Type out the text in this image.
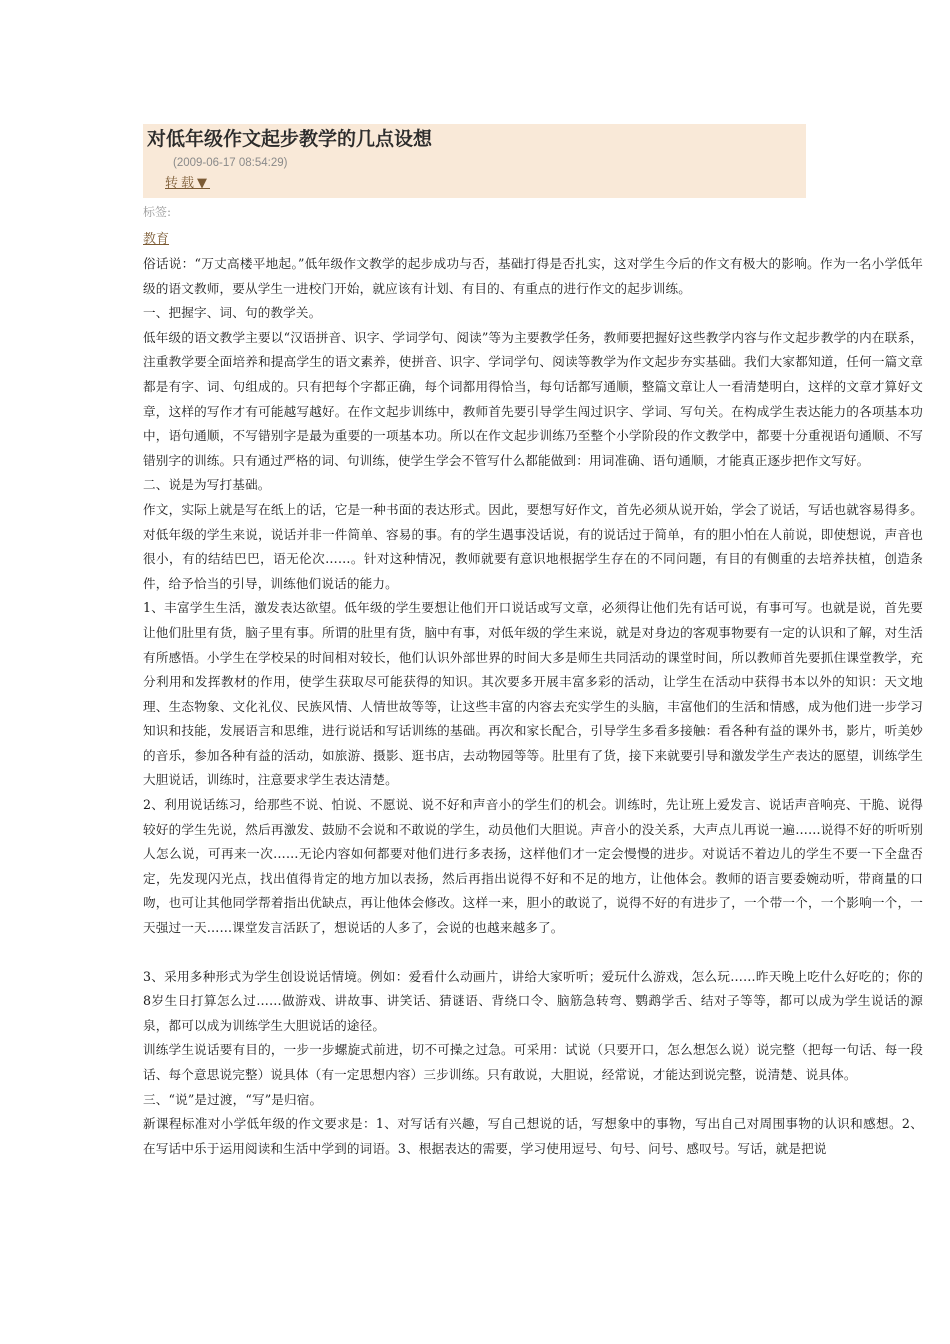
对低年级作文起步教学的几点设想
(2009-06-17 08:54:29)
转载▼
标签:
教育

俗话说：“万丈高楼平地起。”低年级作文教学的起步成功与否，基础打得是否扎实，这对学生今后的作文有极大的影响。作为一名小学低年级的语文教师，要从学生一进校门开始，就应该有计划、有目的、有重点的进行作文的起步训练。

一、把握字、词、句的教学关。

低年级的语文教学主要以“汉语拼音、识字、学词学句、阅读”等为主要教学任务，教师要把握好这些教学内容与作文起步教学的内在联系，注重教学要全面培养和提高学生的语文素养，使拼音、识字、学词学句、阅读等教学为作文起步夯实基础。我们大家都知道，任何一篇文章都是有字、词、句组成的。只有把每个字都正确，每个词都用得恰当，每句话都写通顺，整篇文章让人一看清楚明白，这样的文章才算好文章，这样的写作才有可能越写越好。在作文起步训练中，教师首先要引导学生闯过识字、学词、写句关。在构成学生表达能力的各项基本功中，语句通顺，不写错别字是最为重要的一项基本功。所以在作文起步训练乃至整个小学阶段的作文教学中，都要十分重视语句通顺、不写错别字的训练。只有通过严格的词、句训练，使学生学会不管写什么都能做到：用词准确、语句通顺，才能真正逐步把作文写好。

二、说是为写打基础。

作文，实际上就是写在纸上的话，它是一种书面的表达形式。因此，要想写好作文，首先必须从说开始，学会了说话，写话也就容易得多。对低年级的学生来说，说话并非一件简单、容易的事。有的学生遇事没话说，有的说话过于简单，有的胆小怕在人前说，即使想说，声音也很小，有的结结巴巴，语无伦次……。针对这种情况，教师就要有意识地根据学生存在的不同问题，有目的有侧重的去培养扶植，创造条件，给予恰当的引导，训练他们说话的能力。

1、丰富学生生活，激发表达欲望。低年级的学生要想让他们开口说话或写文章，必须得让他们先有话可说，有事可写。也就是说，首先要让他们肚里有货，脑子里有事。所谓的肚里有货，脑中有事，对低年级的学生来说，就是对身边的客观事物要有一定的认识和了解，对生活有所感悟。小学生在学校呆的时间相对较长，他们认识外部世界的时间大多是师生共同活动的课堂时间，所以教师首先要抓住课堂教学，充分利用和发挥教材的作用，使学生获取尽可能获得的知识。其次要多开展丰富多彩的活动，让学生在活动中获得书本以外的知识：天文地理、生态物象、文化礼仪、民族风情、人情世故等等，让这些丰富的内容去充实学生的头脑，丰富他们的生活和情感，成为他们进一步学习知识和技能，发展语言和思维，进行说话和写话训练的基础。再次和家长配合，引导学生多看多接触：看各种有益的课外书，影片，听美妙的音乐，参加各种有益的活动，如旅游、摄影、逛书店，去动物园等等。肚里有了货，接下来就要引导和激发学生产表达的愿望，训练学生大胆说话，训练时，注意要求学生表达清楚。

2、利用说话练习，给那些不说、怕说、不愿说、说不好和声音小的学生们的机会。训练时，先让班上爱发言、说话声音响亮、干脆、说得较好的学生先说，然后再激发、鼓励不会说和不敢说的学生，动员他们大胆说。声音小的没关系，大声点儿再说一遍……说得不好的听听别人怎么说，可再来一次……无论内容如何都要对他们进行多表扬，这样他们才一定会慢慢的进步。对说话不着边儿的学生不要一下全盘否定，先发现闪光点，找出值得肯定的地方加以表扬，然后再指出说得不好和不足的地方，让他体会。教师的语言要委婉动听，带商量的口吻，也可让其他同学帮着指出优缺点，再让他体会修改。这样一来，胆小的敢说了，说得不好的有进步了，一个带一个，一个影响一个，一天强过一天……课堂发言活跃了，想说话的人多了，会说的也越来越多了。

3、采用多种形式为学生创设说话情境。例如：爱看什么动画片，讲给大家听听；爱玩什么游戏，怎么玩……昨天晚上吃什么好吃的；你的8岁生日打算怎么过……做游戏、讲故事、讲笑话、猜谜语、背绕口令、脑筋急转弯、鹦鹉学舌、结对子等等，都可以成为学生说话的源泉，都可以成为训练学生大胆说话的途径。

训练学生说话要有目的，一步一步螺旋式前进，切不可操之过急。可采用：试说（只要开口，怎么想怎么说）说完整（把每一句话、每一段话、每个意思说完整）说具体（有一定思想内容）三步训练。只有敢说，大胆说，经常说，才能达到说完整，说清楚、说具体。

三、“说”是过渡，“写”是归宿。

新课程标准对小学低年级的作文要求是：1、对写话有兴趣，写自己想说的话，写想象中的事物，写出自己对周围事物的认识和感想。2、在写话中乐于运用阅读和生活中学到的词语。3、根据表达的需要，学习使用逗号、句号、问号、感叹号。写话，就是把说
